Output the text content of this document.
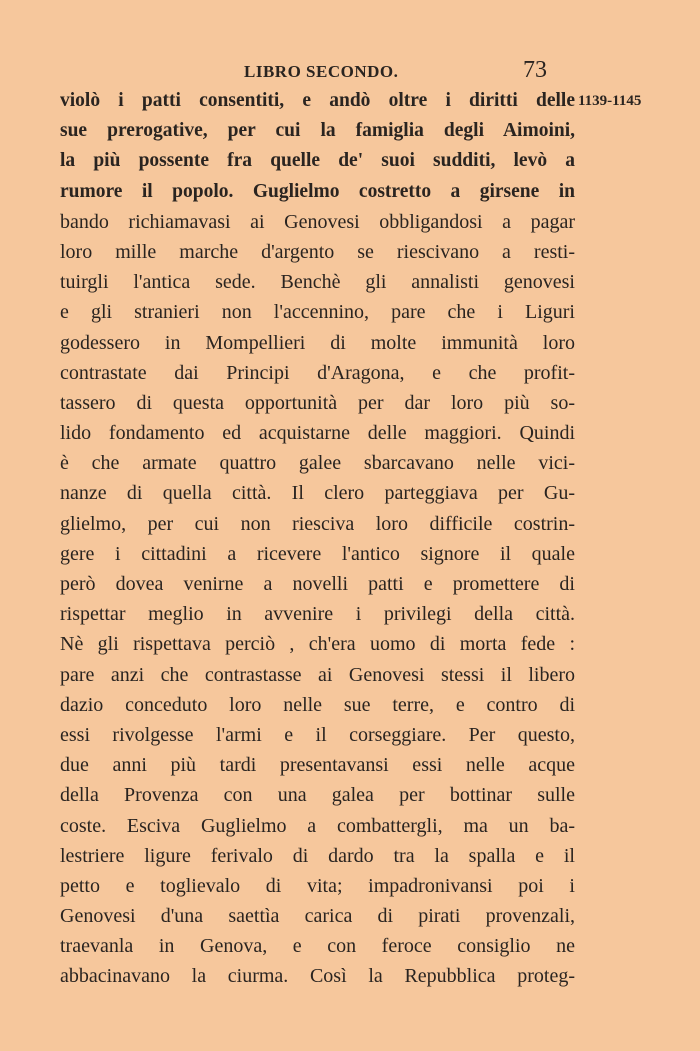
LIBRO SECONDO.	73
1139-1145
violò i patti consentiti, e andò oltre i diritti delle
sue prerogative, per cui la famiglia degli Aimoini,
la più possente fra quelle de' suoi sudditi, levò a
rumore il popolo. Guglielmo costretto a girsene in
bando richiamavasi ai Genovesi obbligandosi a pagar
loro mille marche d'argento se riescivano a resti-
tuirgli l'antica sede. Benchè gli annalisti genovesi
e gli stranieri non l'accennino, pare che i Liguri
godessero in Mompellieri di molte immunità loro
contrastate dai Principi d'Aragona, e che profit-
tassero di questa opportunità per dar loro più so-
lido fondamento ed acquistarne delle maggiori. Quindi
è che armate quattro galee sbarcavano nelle vici-
nanze di quella città. Il clero parteggiava per Gu-
glielmo, per cui non riesciva loro difficile costrin-
gere i cittadini a ricevere l'antico signore il quale
però dovea venirne a novelli patti e promettere di
rispettar meglio in avvenire i privilegi della città.
Nè gli rispettava perciò , ch'era uomo di morta fede :
pare anzi che contrastasse ai Genovesi stessi il libero
dazio conceduto loro nelle sue terre, e contro di
essi rivolgesse l'armi e il corseggiare. Per questo,
due anni più tardi presentavansi essi nelle acque
della Provenza con una galea per bottinar sulle
coste. Esciva Guglielmo a combattergli, ma un ba-
lestriere ligure ferivalo di dardo tra la spalla e il
petto e toglievalo di vita; impadronivansi poi i
Genovesi d'una saettìa carica di pirati provenzali,
traevanla in Genova, e con feroce consiglio ne
abbacinavano la ciurma. Così la Repubblica proteg-
